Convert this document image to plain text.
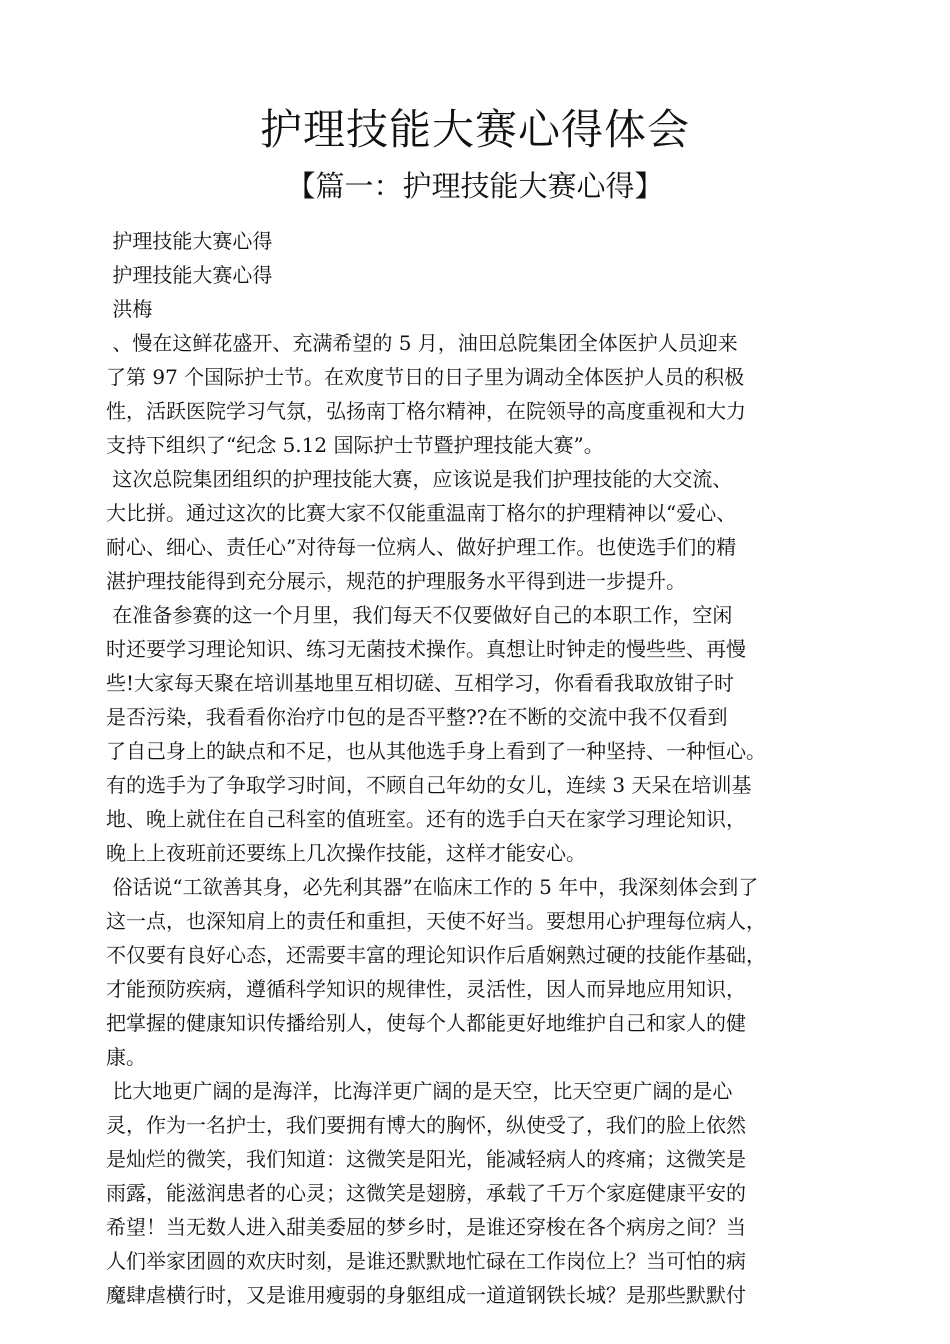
护理技能大赛心得体会
【篇一：护理技能大赛心得】
护理技能大赛心得
护理技能大赛心得
洪梅
、慢在这鲜花盛开、充满希望的 5 月，油田总院集团全体医护人员迎来
了第 97 个国际护士节。在欢度节日的日子里为调动全体医护人员的积极
性，活跃医院学习气氛，弘扬南丁格尔精神，在院领导的高度重视和大力
支持下组织了“纪念 5.12 国际护士节暨护理技能大赛”。
这次总院集团组织的护理技能大赛，应该说是我们护理技能的大交流、
大比拼。通过这次的比赛大家不仅能重温南丁格尔的护理精神以“爱心、
耐心、细心、责任心”对待每一位病人、做好护理工作。也使选手们的精
湛护理技能得到充分展示，规范的护理服务水平得到进一步提升。
在准备参赛的这一个月里，我们每天不仅要做好自己的本职工作，空闲
时还要学习理论知识、练习无菌技术操作。真想让时钟走的慢些些、再慢
些!大家每天聚在培训基地里互相切磋、互相学习，你看看我取放钳子时
是否污染，我看看你治疗巾包的是否平整??在不断的交流中我不仅看到
了自己身上的缺点和不足，也从其他选手身上看到了一种坚持、一种恒心。
有的选手为了争取学习时间，不顾自己年幼的女儿，连续 3 天呆在培训基
地、晚上就住在自己科室的值班室。还有的选手白天在家学习理论知识，
晚上上夜班前还要练上几次操作技能，这样才能安心。
俗话说“工欲善其身，必先利其器”在临床工作的 5 年中，我深刻体会到了
这一点，也深知肩上的责任和重担，天使不好当。要想用心护理每位病人，
不仅要有良好心态，还需要丰富的理论知识作后盾娴熟过硬的技能作基础，
才能预防疾病，遵循科学知识的规律性，灵活性，因人而异地应用知识，
把掌握的健康知识传播给别人，使每个人都能更好地维护自己和家人的健
康。
比大地更广阔的是海洋，比海洋更广阔的是天空，比天空更广阔的是心
灵，作为一名护士，我们要拥有博大的胸怀，纵使受了，我们的脸上依然
是灿烂的微笑，我们知道：这微笑是阳光，能减轻病人的疼痛；这微笑是
雨露，能滋润患者的心灵；这微笑是翅膀，承载了千万个家庭健康平安的
希望！当无数人进入甜美委屈的梦乡时，是谁还穿梭在各个病房之间？当
人们举家团圆的欢庆时刻，是谁还默默地忙碌在工作岗位上？当可怕的病
魔肆虐横行时，又是谁用瘦弱的身躯组成一道道钢铁长城？是那些默默付
